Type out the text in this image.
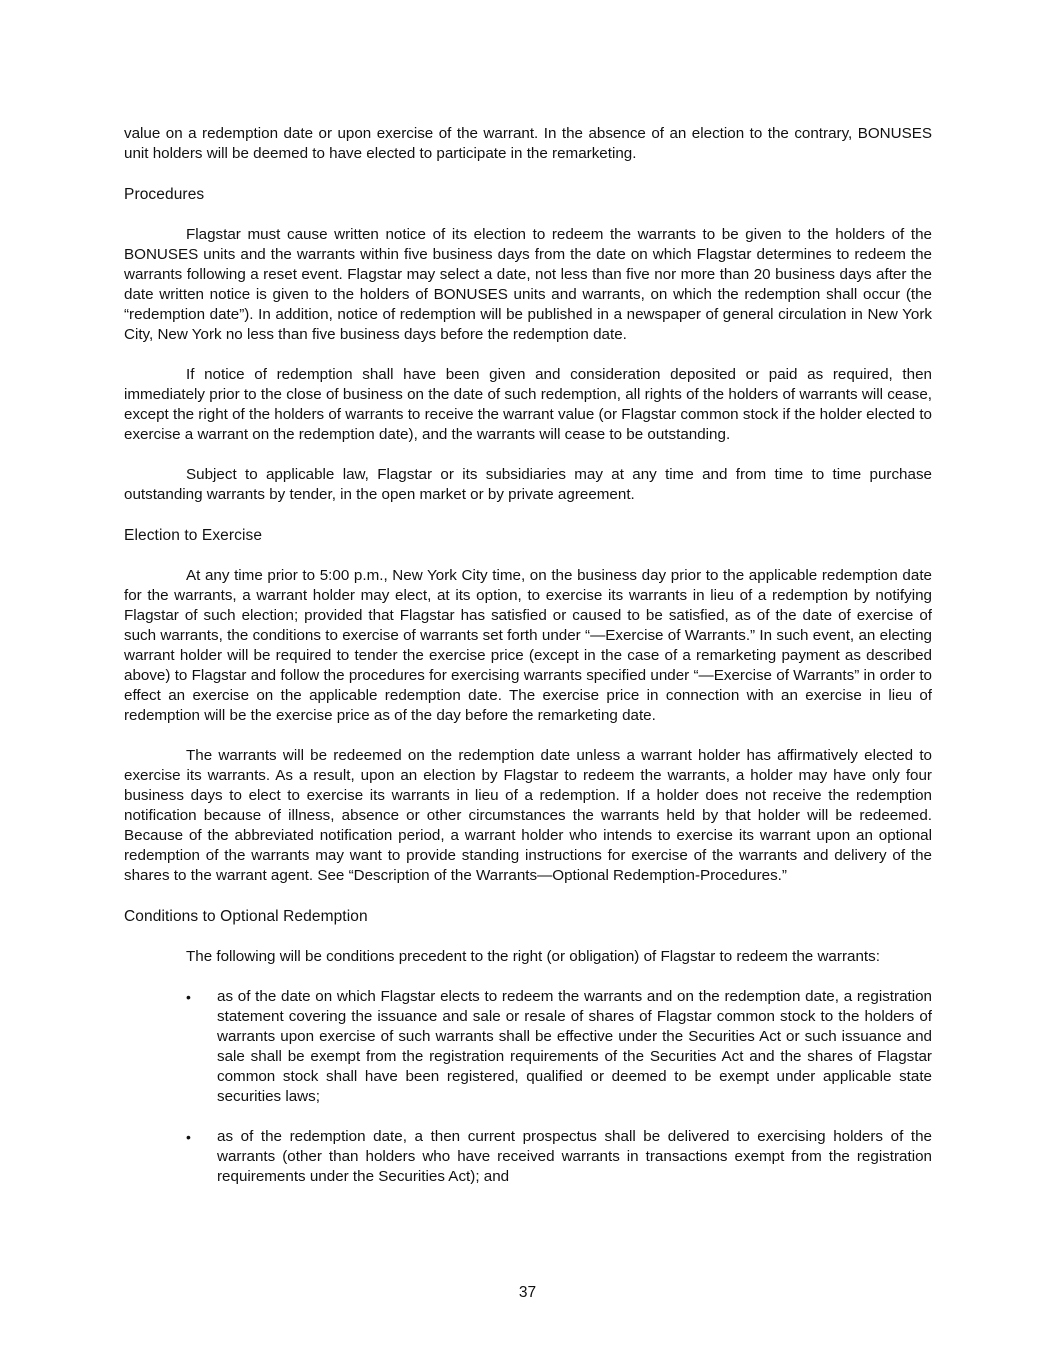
value on a redemption date or upon exercise of the warrant. In the absence of an election to the contrary, BONUSES unit holders will be deemed to have elected to participate in the remarketing.

Procedures

Flagstar must cause written notice of its election to redeem the warrants to be given to the holders of the BONUSES units and the warrants within five business days from the date on which Flagstar determines to redeem the warrants following a reset event. Flagstar may select a date, not less than five nor more than 20 business days after the date written notice is given to the holders of BONUSES units and warrants, on which the redemption shall occur (the “redemption date”). In addition, notice of redemption will be published in a newspaper of general circulation in New York City, New York no less than five business days before the redemption date.

If notice of redemption shall have been given and consideration deposited or paid as required, then immediately prior to the close of business on the date of such redemption, all rights of the holders of warrants will cease, except the right of the holders of warrants to receive the warrant value (or Flagstar common stock if the holder elected to exercise a warrant on the redemption date), and the warrants will cease to be outstanding.

Subject to applicable law, Flagstar or its subsidiaries may at any time and from time to time purchase outstanding warrants by tender, in the open market or by private agreement.

Election to Exercise

At any time prior to 5:00 p.m., New York City time, on the business day prior to the applicable redemption date for the warrants, a warrant holder may elect, at its option, to exercise its warrants in lieu of a redemption by notifying Flagstar of such election; provided that Flagstar has satisfied or caused to be satisfied, as of the date of exercise of such warrants, the conditions to exercise of warrants set forth under “—Exercise of Warrants.” In such event, an electing warrant holder will be required to tender the exercise price (except in the case of a remarketing payment as described above) to Flagstar and follow the procedures for exercising warrants specified under “—Exercise of Warrants” in order to effect an exercise on the applicable redemption date. The exercise price in connection with an exercise in lieu of redemption will be the exercise price as of the day before the remarketing date.

The warrants will be redeemed on the redemption date unless a warrant holder has affirmatively elected to exercise its warrants. As a result, upon an election by Flagstar to redeem the warrants, a holder may have only four business days to elect to exercise its warrants in lieu of a redemption. If a holder does not receive the redemption notification because of illness, absence or other circumstances the warrants held by that holder will be redeemed. Because of the abbreviated notification period, a warrant holder who intends to exercise its warrant upon an optional redemption of the warrants may want to provide standing instructions for exercise of the warrants and delivery of the shares to the warrant agent. See “Description of the Warrants—Optional Redemption-Procedures.”

Conditions to Optional Redemption

The following will be conditions precedent to the right (or obligation) of Flagstar to redeem the warrants:

• as of the date on which Flagstar elects to redeem the warrants and on the redemption date, a registration statement covering the issuance and sale or resale of shares of Flagstar common stock to the holders of warrants upon exercise of such warrants shall be effective under the Securities Act or such issuance and sale shall be exempt from the registration requirements of the Securities Act and the shares of Flagstar common stock shall have been registered, qualified or deemed to be exempt under applicable state securities laws;
• as of the redemption date, a then current prospectus shall be delivered to exercising holders of the warrants (other than holders who have received warrants in transactions exempt from the registration requirements under the Securities Act); and
37
